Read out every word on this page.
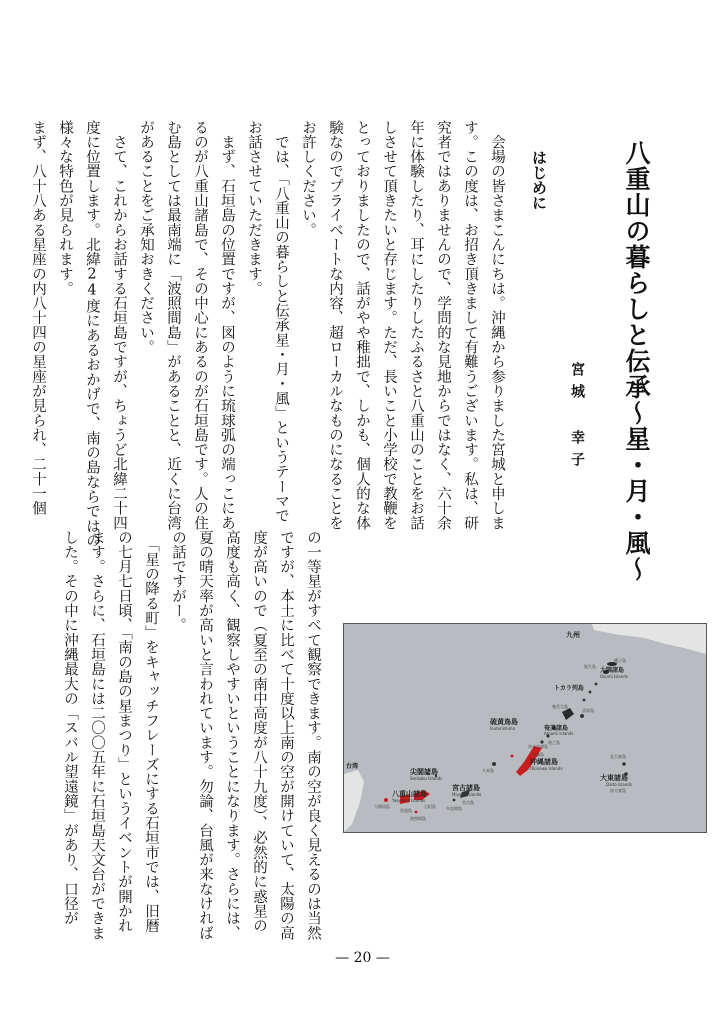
八重山の暮らしと伝承〜星・月・風〜
宮城 幸子
はじめに
　会場の皆さまこんにちは。沖縄から参りました宮城と申しま
す。この度は、お招き頂きまして有難うございます。私は、研
究者ではありませんので、学問的な見地からではなく、六十余
年に体験したり、耳にしたりしたふるさと八重山のことをお話
しさせて頂きたいと存じます。ただ、長いこと小学校で教鞭を
とっておりましたので、話がやや稚拙で、しかも、個人的な体
験なのでプライベートな内容、超ローカルなものになることを
お許しください。
　では、「八重山の暮らしと伝承星・月・風」というテーマで
お話させていただきます。
　まず、石垣島の位置ですが、図のように琉球弧の端っこにあ
るのが八重山諸島で、その中心にあるのが石垣島です。人の住
む島としては最南端に「波照間島」があることと、近くに台湾
があることをご承知おきください。
　さて、これからお話する石垣島ですが、ちょうど北緯二十四
度に位置します。北緯24度にあるおかげで、南の島ならではの
様々な特色が見られます。
まず、八十八ある星座の内八十四の星座が見られ、二十一個
の一等星がすべて観察できます。南の空が良く見えるのは当然
ですが、本土に比べて十度以上南の空が開けていて、太陽の高
度が高いので（夏至の南中高度が八十九度）、必然的に惑星の
高度も高く、観察しやすいということになります。さらには、
夏の晴天率が高いと言われています。勿論、台風が来なければ
の話ですがー。
　「星の降る町」をキャッチフレーズにする石垣市では、旧暦
の七月七日頃、「南の島の星まつり」というイベントが開かれ
ます。さらに、石垣島には二〇〇五年に石垣島天文台ができま
した。その中に沖縄最大の「スバル望遠鏡」があり、口径が	九州
種子島
屋久島
大隅諸島
Osumi Islands
トカラ列島
奄美大島
喜界島
硫黄鳥島
Ioutorishima	奄美諸島
Amami Islands
徳之島
沖永良部島
与論島
沖縄諸島
Okinawa Islands
久米島
北大東島
大東諸島
Daito Islands
南大東島
尖閣諸島
Senkaku Islands
宮古諸島
Miyako Islands
宮古島
多良間島
八重山諸島
Yaeyama Islands
石垣島
西表島
与那国島
波照間島
台湾
— 20 —
